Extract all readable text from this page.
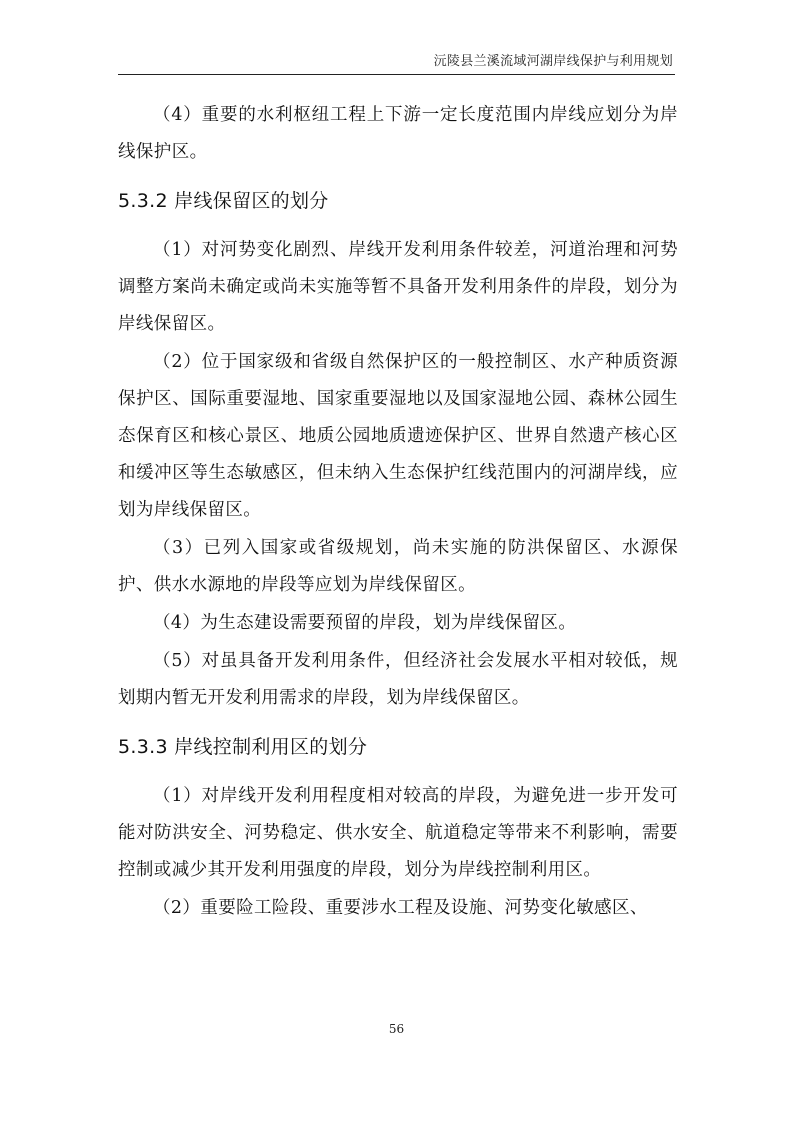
沅陵县兰溪流域河湖岸线保护与利用规划

（4）重要的水利枢纽工程上下游一定长度范围内岸线应划分为岸线保护区。

5.3.2 岸线保留区的划分

（1）对河势变化剧烈、岸线开发利用条件较差，河道治理和河势调整方案尚未确定或尚未实施等暂不具备开发利用条件的岸段，划分为岸线保留区。

（2）位于国家级和省级自然保护区的一般控制区、水产种质资源保护区、国际重要湿地、国家重要湿地以及国家湿地公园、森林公园生态保育区和核心景区、地质公园地质遗迹保护区、世界自然遗产核心区和缓冲区等生态敏感区，但未纳入生态保护红线范围内的河湖岸线，应划为岸线保留区。

（3）已列入国家或省级规划，尚未实施的防洪保留区、水源保护、供水水源地的岸段等应划为岸线保留区。

（4）为生态建设需要预留的岸段，划为岸线保留区。

（5）对虽具备开发利用条件，但经济社会发展水平相对较低，规划期内暂无开发利用需求的岸段，划为岸线保留区。

5.3.3 岸线控制利用区的划分

（1）对岸线开发利用程度相对较高的岸段，为避免进一步开发可能对防洪安全、河势稳定、供水安全、航道稳定等带来不利影响，需要控制或减少其开发利用强度的岸段，划分为岸线控制利用区。

（2）重要险工险段、重要涉水工程及设施、河势变化敏感区、

56
